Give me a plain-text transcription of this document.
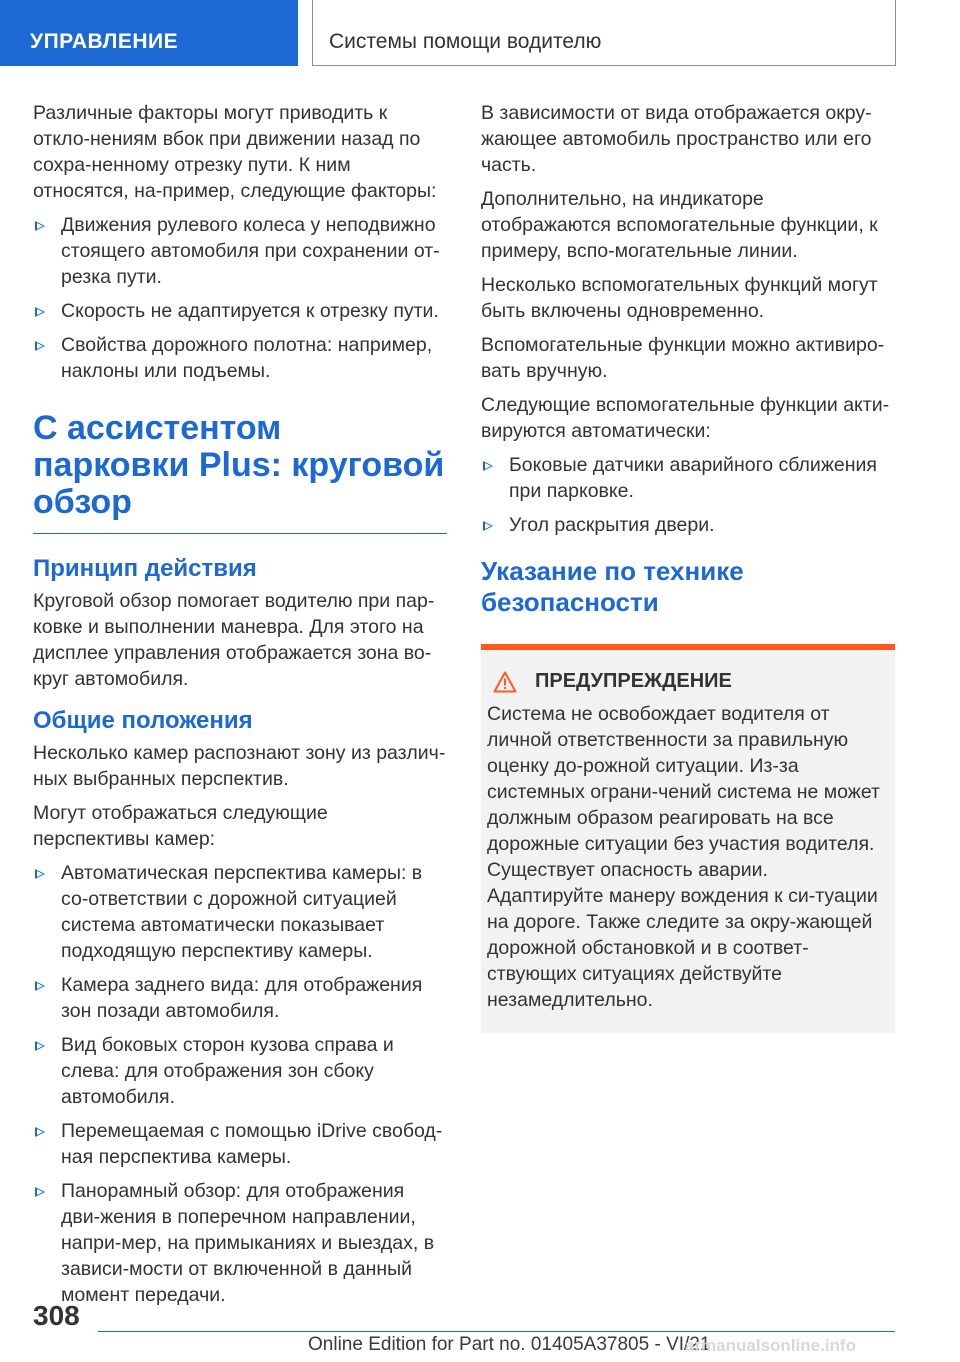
УПРАВЛЕНИЕ	Системы помощи водителю

Различные факторы могут приводить к откло-нениям вбок при движении назад по сохра-ненному отрезку пути. К ним относятся, на-пример, следующие факторы:

Движения рулевого колеса у неподвижно стоящего автомобиля при сохранении от-резка пути.
Скорость не адаптируется к отрезку пути.
Свойства дорожного полотна: например, наклоны или подъемы.
С ассистентом парковки Plus: круговой обзор
Принцип действия

Круговой обзор помогает водителю при пар-ковке и выполнении маневра. Для этого на дисплее управления отображается зона во-круг автомобиля.

Общие положения

Несколько камер распознают зону из различ-ных выбранных перспектив.

Могут отображаться следующие перспективы камер:

Автоматическая перспектива камеры: в со-ответствии с дорожной ситуацией система автоматически показывает подходящую перспективу камеры.
Камера заднего вида: для отображения зон позади автомобиля.
Вид боковых сторон кузова справа и слева: для отображения зон сбоку автомобиля.
Перемещаемая с помощью iDrive свобод-ная перспектива камеры.
Панорамный обзор: для отображения дви-жения в поперечном направлении, напри-мер, на примыканиях и выездах, в зависи-мости от включенной в данный момент передачи.

В зависимости от вида отображается окру-жающее автомобиль пространство или его часть.

Дополнительно, на индикаторе отображаются вспомогательные функции, к примеру, вспо-могательные линии.

Несколько вспомогательных функций могут быть включены одновременно.

Вспомогательные функции можно активиро-вать вручную.

Следующие вспомогательные функции акти-вируются автоматически:

Боковые датчики аварийного сближения при парковке.
Угол раскрытия двери.
Указание по технике безопасности
ПРЕДУПРЕЖДЕНИЕ

Система не освобождает водителя от личной ответственности за правильную оценку до-рожной ситуации. Из-за системных ограни-чений система не может должным образом реагировать на все дорожные ситуации без участия водителя. Существует опасность аварии. Адаптируйте манеру вождения к си-туации на дороге. Также следите за окру-жающей дорожной обстановкой и в соответ-ствующих ситуациях действуйте незамедлительно.

308
Online Edition for Part no. 01405A37805 - VI/21
armanualsonline.info
